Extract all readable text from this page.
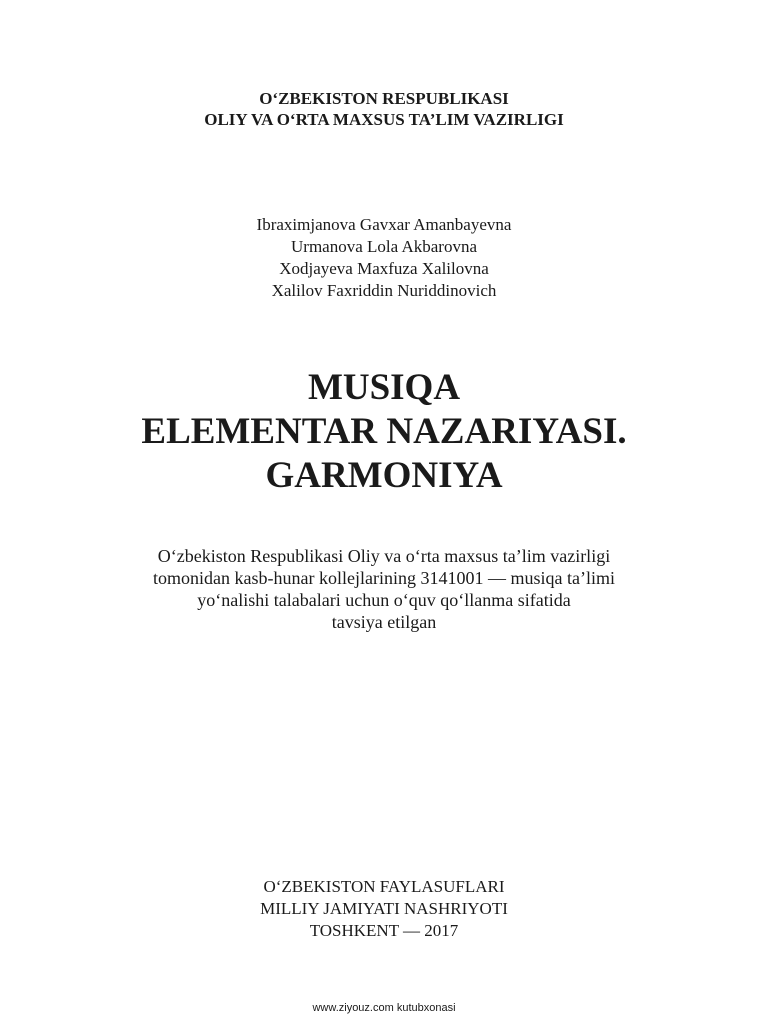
O‘ZBEKISTON RESPUBLIKASI
OLIY VA O‘RTA MAXSUS TA’LIM VAZIRLIGI
Ibraximjanova Gavxar Amanbayevna
Urmanova Lola Akbarovna
Xodjayeva Maxfuza Xalilovna
Xalilov Faxriddin Nuriddinovich
MUSIQA
ELEMENTAR NAZARIYASI.
GARMONIYA
O‘zbekiston Respublikasi Oliy va o‘rta maxsus ta’lim vazirligi
tomonidan kasb-hunar kollejlarining 3141001 — musiqa ta’limi
yo‘nalishi talabalari uchun o‘quv qo‘llanma sifatida
tavsiya etilgan
O‘ZBEKISTON FAYLASUFLARI
MILLIY JAMIYATI NASHRIYOTI
TOSHKENT — 2017
www.ziyouz.com kutubxonasi
